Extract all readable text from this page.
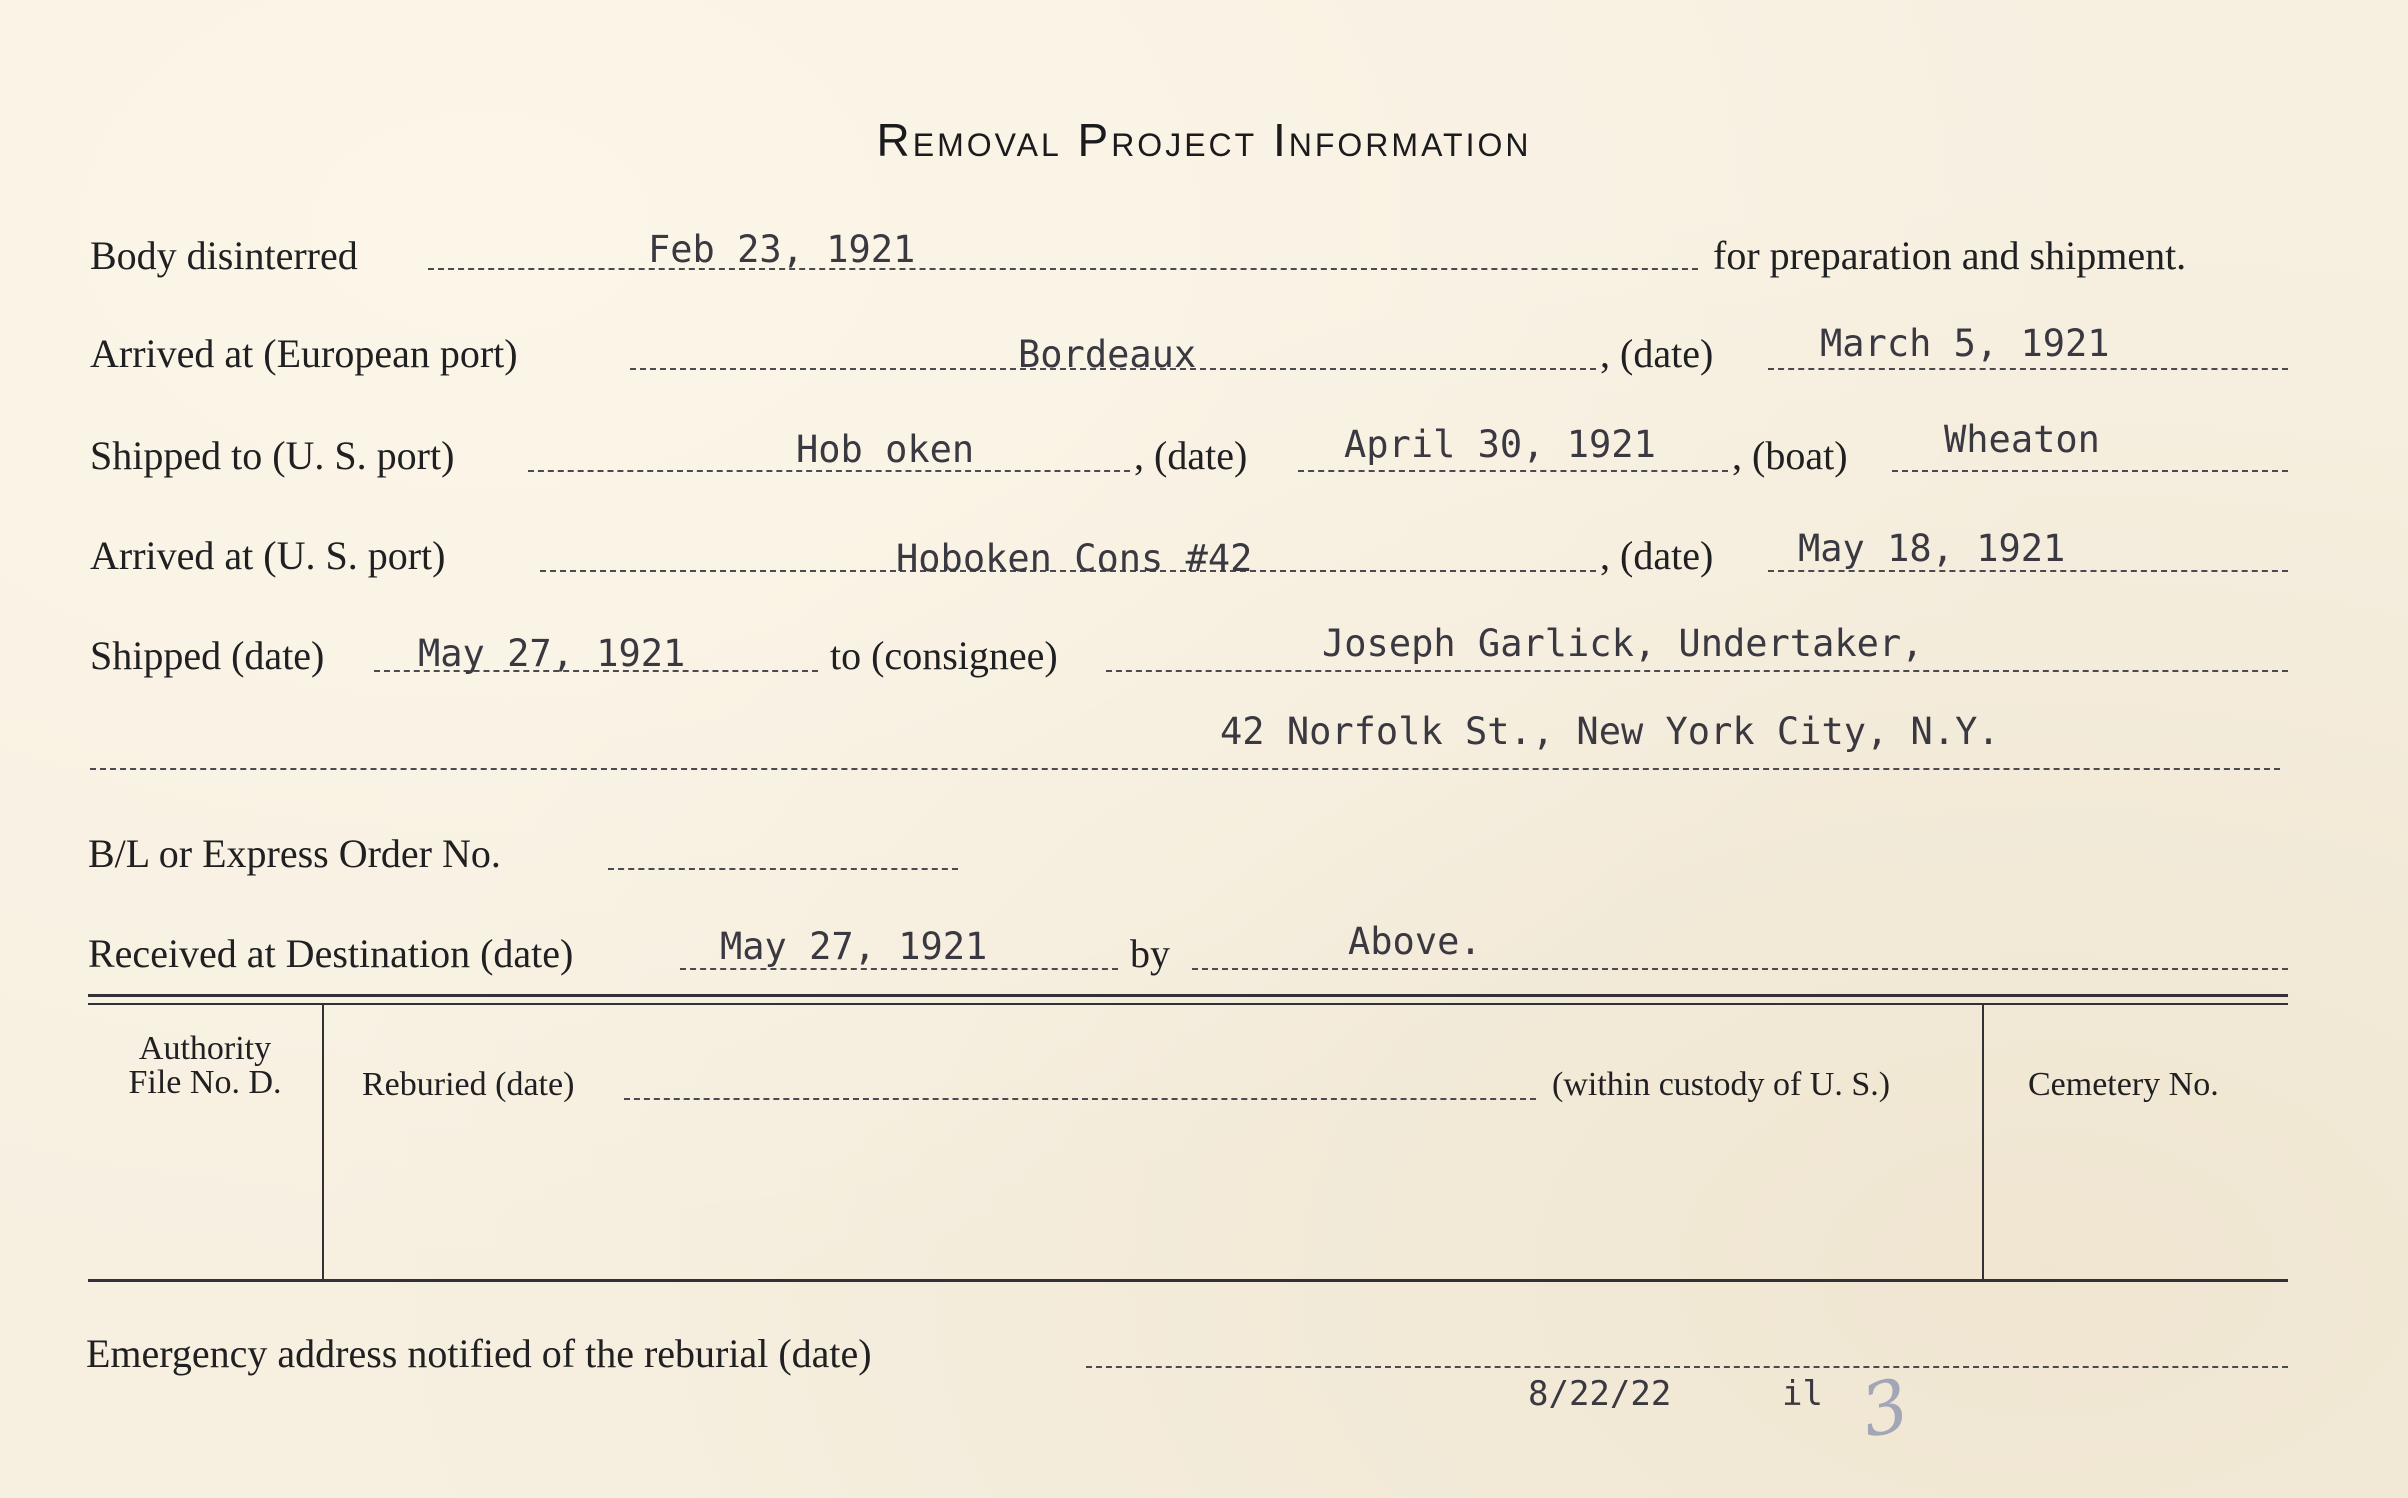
Removal Project Information
Body disinterred	Feb 23, 1921	for preparation and shipment.
Arrived at (European port)	Bordeaux	, (date)	March 5, 1921
Shipped to (U. S. port)	Hob oken	, (date)	April 30, 1921 , (boat)	Wheaton
Arrived at (U. S. port)	Hoboken Cons #42	, (date) May 18, 1921
Shipped (date)	May 27, 1921	to (consignee)	Joseph Garlick, Undertaker,
42 Norfolk St., New York City, N.Y.
B/L or Express Order No.
Received at Destination (date)	May 27, 1921	by	Above.
Authority
File No. D.	Reburied (date)	(within custody of U. S.)	Cemetery No.
Emergency address notified of the reburial (date)
8/22/22	il 3
